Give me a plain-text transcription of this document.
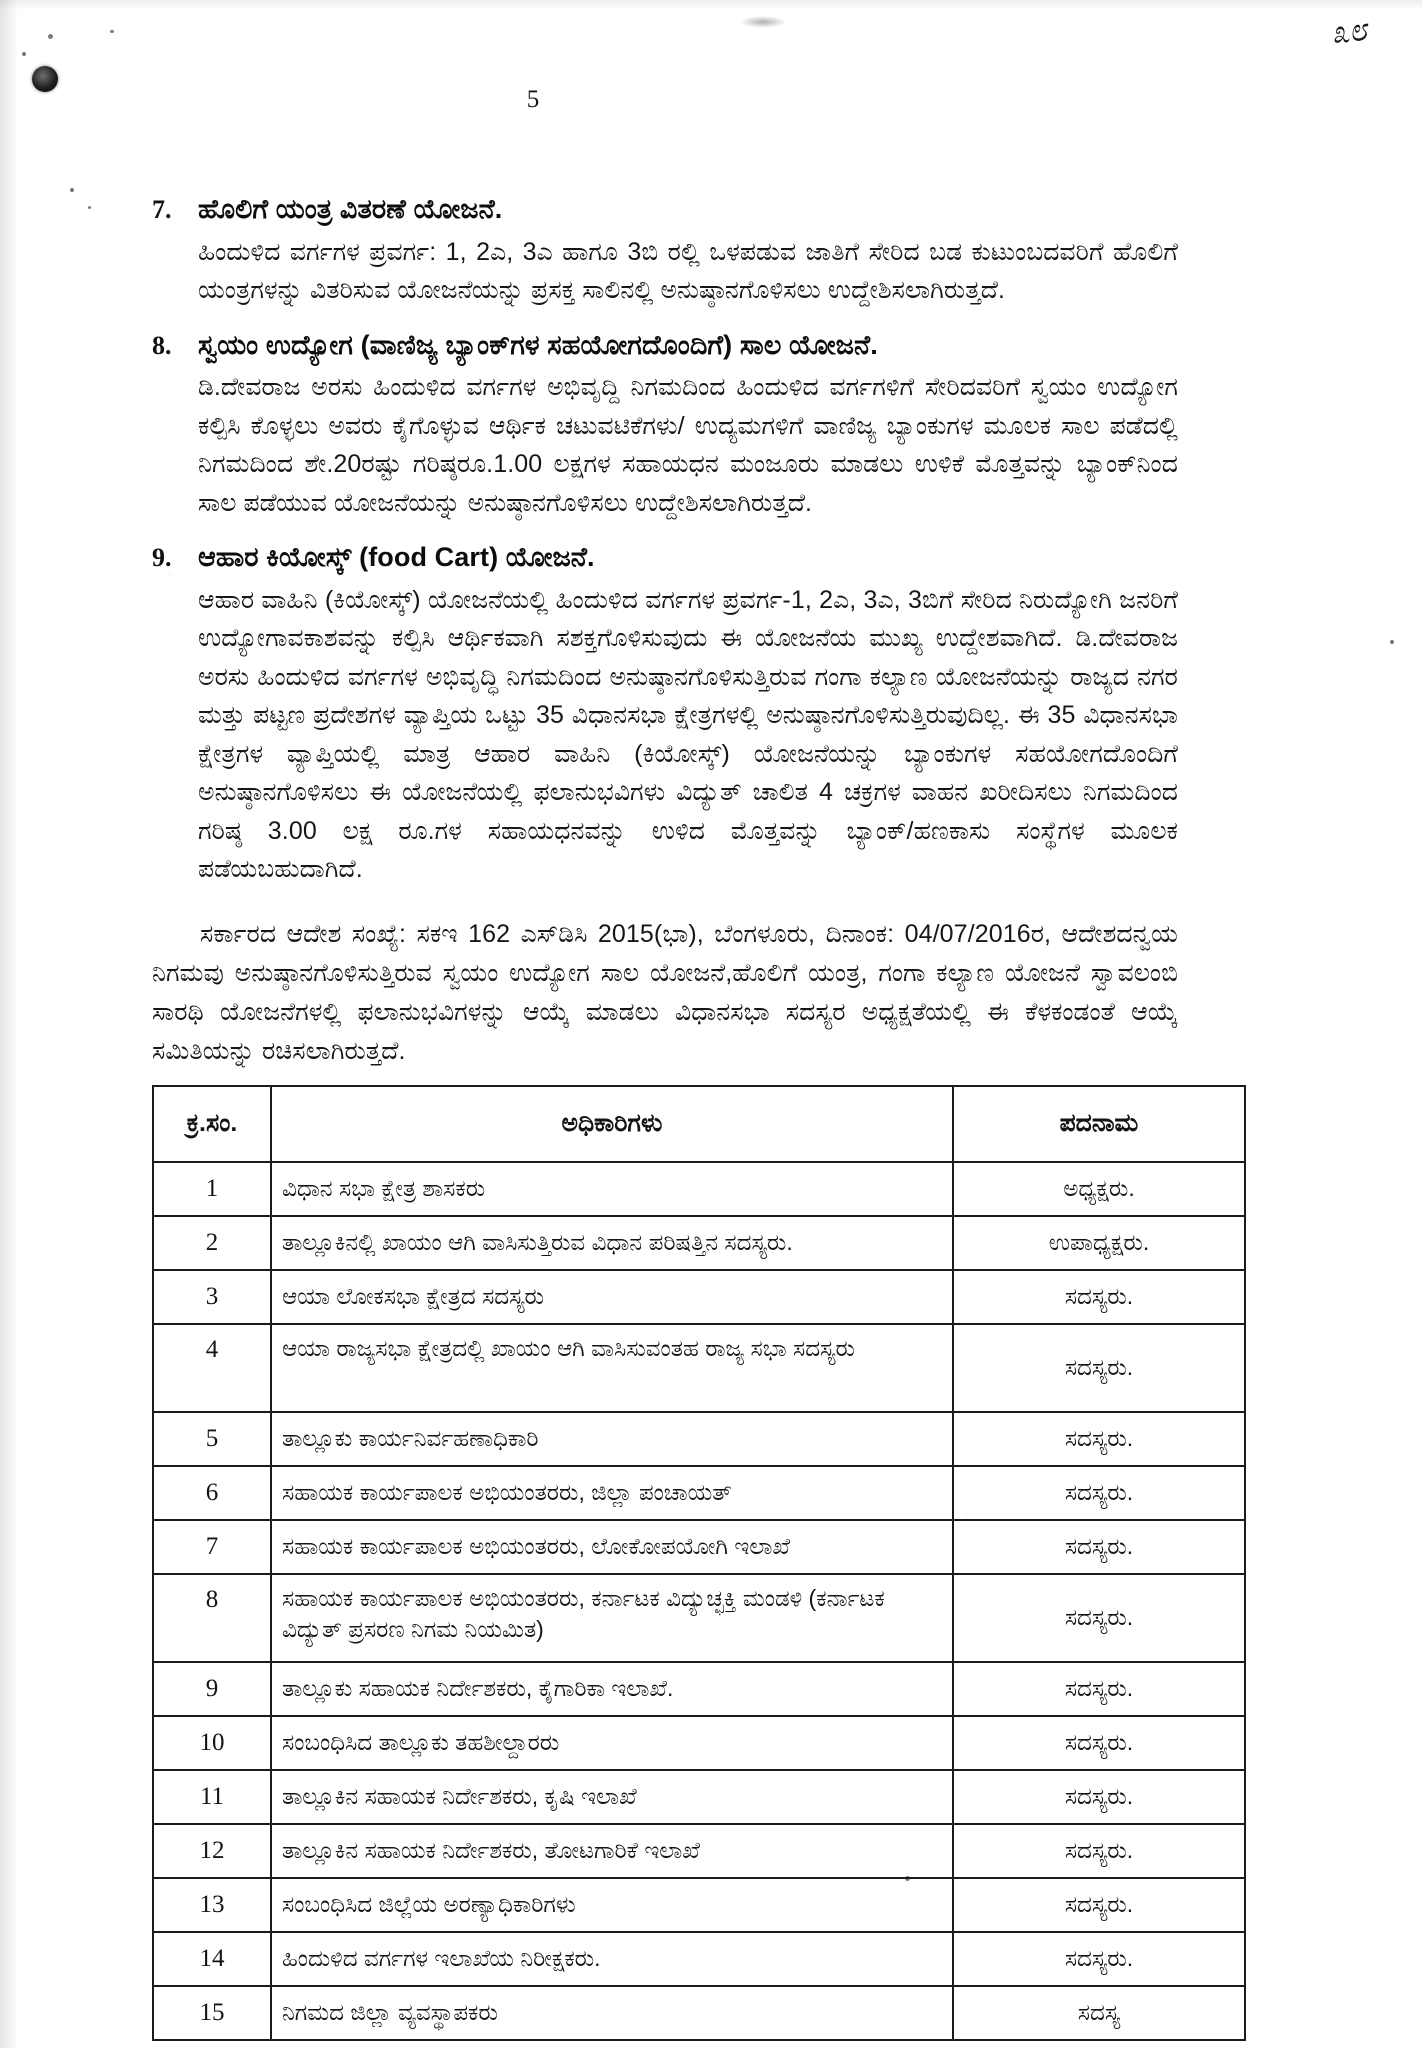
೩೮
5
7. ಹೊಲಿಗೆ ಯಂತ್ರ ವಿತರಣೆ ಯೋಜನೆ.
ಹಿಂದುಳಿದ ವರ್ಗಗಳ ಪ್ರವರ್ಗ: 1, 2ಎ, 3ಎ ಹಾಗೂ 3ಬಿ ರಲ್ಲಿ ಒಳಪಡುವ ಜಾತಿಗೆ ಸೇರಿದ ಬಡ ಕುಟುಂಬದವರಿಗೆ ಹೊಲಿಗೆ ಯಂತ್ರಗಳನ್ನು ವಿತರಿಸುವ ಯೋಜನೆಯನ್ನು ಪ್ರಸಕ್ತ ಸಾಲಿನಲ್ಲಿ ಅನುಷ್ಠಾನಗೊಳಿಸಲು ಉದ್ದೇಶಿಸಲಾಗಿರುತ್ತದೆ.
8. ಸ್ವಯಂ ಉದ್ಯೋಗ (ವಾಣಿಜ್ಯ ಬ್ಯಾಂಕ್‌ಗಳ ಸಹಯೋಗದೊಂದಿಗೆ) ಸಾಲ ಯೋಜನೆ.
ಡಿ.ದೇವರಾಜ ಅರಸು ಹಿಂದುಳಿದ ವರ್ಗಗಳ ಅಭಿವೃದ್ದಿ ನಿಗಮದಿಂದ ಹಿಂದುಳಿದ ವರ್ಗಗಳಿಗೆ ಸೇರಿದವರಿಗೆ ಸ್ವಯಂ ಉದ್ಯೋಗ ಕಲ್ಪಿಸಿ ಕೊಳ್ಳಲು ಅವರು ಕೈಗೊಳ್ಳುವ ಆರ್ಥಿಕ ಚಟುವಟಿಕೆಗಳು/ ಉದ್ಯಮಗಳಿಗೆ ವಾಣಿಜ್ಯ ಬ್ಯಾಂಕುಗಳ ಮೂಲಕ ಸಾಲ ಪಡೆದಲ್ಲಿ ನಿಗಮದಿಂದ ಶೇ.20ರಷ್ಟು ಗರಿಷ್ಠರೂ.1.00 ಲಕ್ಷಗಳ ಸಹಾಯಧನ ಮಂಜೂರು ಮಾಡಲು ಉಳಿಕೆ ಮೊತ್ತವನ್ನು ಬ್ಯಾಂಕ್‌ನಿಂದ ಸಾಲ ಪಡೆಯುವ ಯೋಜನೆಯನ್ನು ಅನುಷ್ಠಾನಗೊಳಿಸಲು ಉದ್ದೇಶಿಸಲಾಗಿರುತ್ತದೆ.
9. ಆಹಾರ ಕಿಯೋಸ್ಕ್ (food Cart) ಯೋಜನೆ.
ಆಹಾರ ವಾಹಿನಿ (ಕಿಯೋಸ್ಕ್) ಯೋಜನೆಯಲ್ಲಿ ಹಿಂದುಳಿದ ವರ್ಗಗಳ ಪ್ರವರ್ಗ-1, 2ಎ, 3ಎ, 3ಬಿಗೆ ಸೇರಿದ ನಿರುದ್ಯೋಗಿ ಜನರಿಗೆ ಉದ್ಯೋಗಾವಕಾಶವನ್ನು ಕಲ್ಪಿಸಿ ಆರ್ಥಿಕವಾಗಿ ಸಶಕ್ತಗೊಳಿಸುವುದು ಈ ಯೋಜನೆಯ ಮುಖ್ಯ ಉದ್ದೇಶವಾಗಿದೆ. ಡಿ.ದೇವರಾಜ ಅರಸು ಹಿಂದುಳಿದ ವರ್ಗಗಳ ಅಭಿವೃದ್ಧಿ ನಿಗಮದಿಂದ ಅನುಷ್ಠಾನಗೊಳಿಸುತ್ತಿರುವ ಗಂಗಾ ಕಲ್ಯಾಣ ಯೋಜನೆಯನ್ನು ರಾಜ್ಯದ ನಗರ ಮತ್ತು ಪಟ್ಟಣ ಪ್ರದೇಶಗಳ ವ್ಯಾಪ್ತಿಯ ಒಟ್ಟು 35 ವಿಧಾನಸಭಾ ಕ್ಷೇತ್ರಗಳಲ್ಲಿ ಅನುಷ್ಠಾನಗೊಳಿಸುತ್ತಿರುವುದಿಲ್ಲ. ಈ 35 ವಿಧಾನಸಭಾ ಕ್ಷೇತ್ರಗಳ ವ್ಯಾಪ್ತಿಯಲ್ಲಿ ಮಾತ್ರ ಆಹಾರ ವಾಹಿನಿ (ಕಿಯೋಸ್ಕ್) ಯೋಜನೆಯನ್ನು ಬ್ಯಾಂಕುಗಳ ಸಹಯೋಗದೊಂದಿಗೆ ಅನುಷ್ಠಾನಗೊಳಿಸಲು ಈ ಯೋಜನೆಯಲ್ಲಿ ಫಲಾನುಭವಿಗಳು ವಿದ್ಯುತ್ ಚಾಲಿತ 4 ಚಕ್ರಗಳ ವಾಹನ ಖರೀದಿಸಲು ನಿಗಮದಿಂದ ಗರಿಷ್ಠ 3.00 ಲಕ್ಷ ರೂ.ಗಳ ಸಹಾಯಧನವನ್ನು ಉಳಿದ ಮೊತ್ತವನ್ನು ಬ್ಯಾಂಕ್/ಹಣಕಾಸು ಸಂಸ್ಥೆಗಳ ಮೂಲಕ ಪಡೆಯಬಹುದಾಗಿದೆ.
ಸರ್ಕಾರದ ಆದೇಶ ಸಂಖ್ಯೆ: ಸಕಇ 162 ಎಸ್‌ಡಿಸಿ 2015(ಭಾ), ಬೆಂಗಳೂರು, ದಿನಾಂಕ: 04/07/2016ರ, ಆದೇಶದನ್ವಯ ನಿಗಮವು ಅನುಷ್ಠಾನಗೊಳಿಸುತ್ತಿರುವ ಸ್ವಯಂ ಉದ್ಯೋಗ ಸಾಲ ಯೋಜನೆ,ಹೊಲಿಗೆ ಯಂತ್ರ, ಗಂಗಾ ಕಲ್ಯಾಣ ಯೋಜನೆ ಸ್ವಾವಲಂಬಿ ಸಾರಥಿ ಯೋಜನೆಗಳಲ್ಲಿ ಫಲಾನುಭವಿಗಳನ್ನು ಆಯ್ಕೆ ಮಾಡಲು ವಿಧಾನಸಭಾ ಸದಸ್ಯರ ಅಧ್ಯಕ್ಷತೆಯಲ್ಲಿ ಈ ಕೆಳಕಂಡಂತೆ ಆಯ್ಕೆ ಸಮಿತಿಯನ್ನು ರಚಿಸಲಾಗಿರುತ್ತದೆ.
ಕ್ರ.ಸಂ.	ಅಧಿಕಾರಿಗಳು	ಪದನಾಮ
1	ವಿಧಾನ ಸಭಾ ಕ್ಷೇತ್ರ ಶಾಸಕರು	ಅಧ್ಯಕ್ಷರು.
2	ತಾಲ್ಲೂಕಿನಲ್ಲಿ ಖಾಯಂ ಆಗಿ ವಾಸಿಸುತ್ತಿರುವ ವಿಧಾನ ಪರಿಷತ್ತಿನ ಸದಸ್ಯರು.	ಉಪಾಧ್ಯಕ್ಷರು.
3	ಆಯಾ ಲೋಕಸಭಾ ಕ್ಷೇತ್ರದ ಸದಸ್ಯರು	ಸದಸ್ಯರು.
4	ಆಯಾ ರಾಜ್ಯಸಭಾ ಕ್ಷೇತ್ರದಲ್ಲಿ ಖಾಯಂ ಆಗಿ ವಾಸಿಸುವಂತಹ ರಾಜ್ಯ ಸಭಾ ಸದಸ್ಯರು	ಸದಸ್ಯರು.
5	ತಾಲ್ಲೂಕು ಕಾರ್ಯನಿರ್ವಹಣಾಧಿಕಾರಿ	ಸದಸ್ಯರು.
6	ಸಹಾಯಕ ಕಾರ್ಯಪಾಲಕ ಅಭಿಯಂತರರು, ಜಿಲ್ಲಾ ಪಂಚಾಯತ್	ಸದಸ್ಯರು.
7	ಸಹಾಯಕ ಕಾರ್ಯಪಾಲಕ ಅಭಿಯಂತರರು, ಲೋಕೋಪಯೋಗಿ ಇಲಾಖೆ	ಸದಸ್ಯರು.
8	ಸಹಾಯಕ ಕಾರ್ಯಪಾಲಕ ಅಭಿಯಂತರರು, ಕರ್ನಾಟಕ ವಿದ್ಯುಚ್ಛಕ್ತಿ ಮಂಡಳಿ (ಕರ್ನಾಟಕ ವಿದ್ಯುತ್ ಪ್ರಸರಣ ನಿಗಮ ನಿಯಮಿತ)	ಸದಸ್ಯರು.
9	ತಾಲ್ಲೂಕು ಸಹಾಯಕ ನಿರ್ದೇಶಕರು, ಕೈಗಾರಿಕಾ ಇಲಾಖೆ.	ಸದಸ್ಯರು.
10	ಸಂಬಂಧಿಸಿದ ತಾಲ್ಲೂಕು ತಹಶೀಲ್ದಾರರು	ಸದಸ್ಯರು.
11	ತಾಲ್ಲೂಕಿನ ಸಹಾಯಕ ನಿರ್ದೇಶಕರು, ಕೃಷಿ ಇಲಾಖೆ	ಸದಸ್ಯರು.
12	ತಾಲ್ಲೂಕಿನ ಸಹಾಯಕ ನಿರ್ದೇಶಕರು, ತೋಟಗಾರಿಕೆ ಇಲಾಖೆ	ಸದಸ್ಯರು.
13	ಸಂಬಂಧಿಸಿದ ಜಿಲ್ಲೆಯ ಅರಣ್ಯಾಧಿಕಾರಿಗಳು	ಸದಸ್ಯರು.
14	ಹಿಂದುಳಿದ ವರ್ಗಗಳ ಇಲಾಖೆಯ ನಿರೀಕ್ಷಕರು.	ಸದಸ್ಯರು.
15	ನಿಗಮದ ಜಿಲ್ಲಾ ವ್ಯವಸ್ಥಾಪಕರು	ಸದಸ್ಯ
